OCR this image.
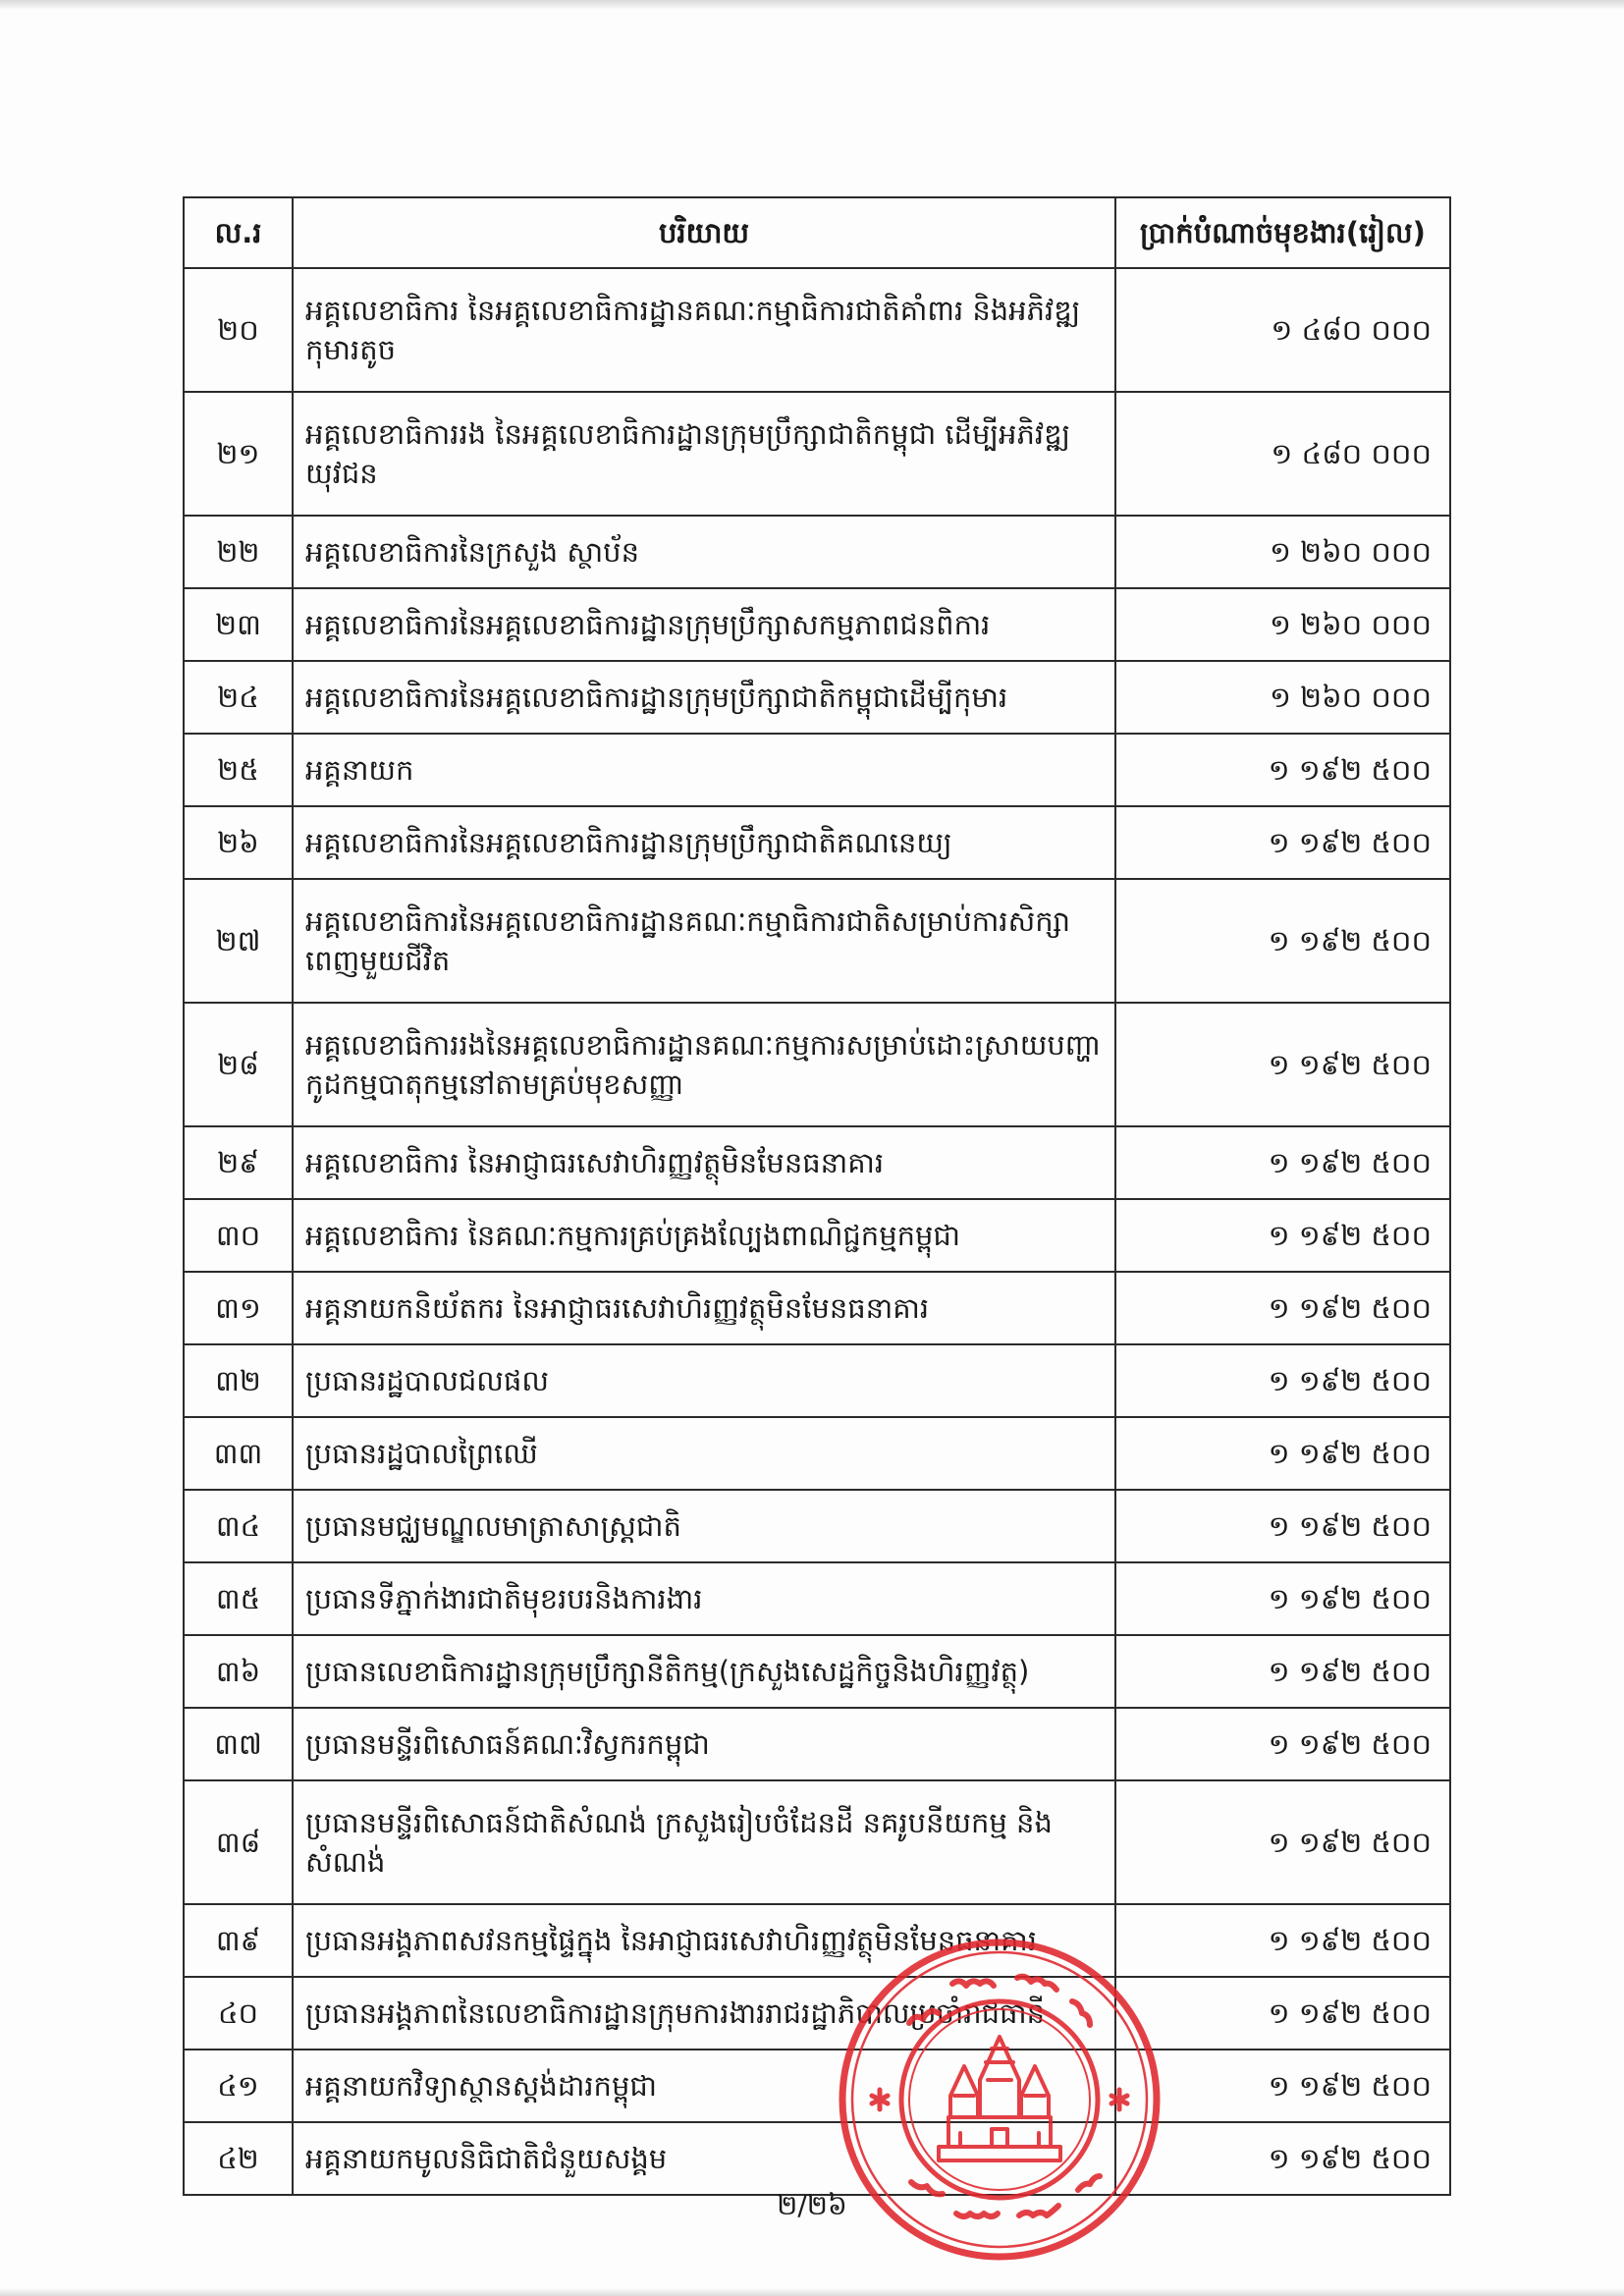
ល.រ	បរិយាយ	ប្រាក់បំណាច់មុខងារ(រៀល)
២០	អគ្គលេខាធិការ នៃអគ្គលេខាធិការដ្ឋានគណៈកម្មាធិការជាតិគាំពារ និងអភិវឌ្ឍកុមារតូច	១ ៤៨០ ០០០
២១	អគ្គលេខាធិការរង នៃអគ្គលេខាធិការដ្ឋានក្រុមប្រឹក្សាជាតិកម្ពុជា ដើម្បីអភិវឌ្ឍយុវជន	១ ៤៨០ ០០០
២២	អគ្គលេខាធិការនៃក្រសួង ស្ថាប័ន	១ ២៦០ ០០០
២៣	អគ្គលេខាធិការនៃអគ្គលេខាធិការដ្ឋានក្រុមប្រឹក្សាសកម្មភាពជនពិការ	១ ២៦០ ០០០
២៤	អគ្គលេខាធិការនៃអគ្គលេខាធិការដ្ឋានក្រុមប្រឹក្សាជាតិកម្ពុជាដើម្បីកុមារ	១ ២៦០ ០០០
២៥	អគ្គនាយក	១ ១៩២ ៥០០
២៦	អគ្គលេខាធិការនៃអគ្គលេខាធិការដ្ឋានក្រុមប្រឹក្សាជាតិគណនេយ្យ	១ ១៩២ ៥០០
២៧	អគ្គលេខាធិការនៃអគ្គលេខាធិការដ្ឋានគណៈកម្មាធិការជាតិសម្រាប់ការសិក្សាពេញមួយជីវិត	១ ១៩២ ៥០០
២៨	អគ្គលេខាធិការរងនៃអគ្គលេខាធិការដ្ឋានគណៈកម្មការសម្រាប់ដោះស្រាយបញ្ហាកូដកម្មបាតុកម្មនៅតាមគ្រប់មុខសញ្ញា	១ ១៩២ ៥០០
២៩	អគ្គលេខាធិការ នៃអាជ្ញាធរសេវាហិរញ្ញវត្ថុមិនមែនធនាគារ	១ ១៩២ ៥០០
៣០	អគ្គលេខាធិការ នៃគណៈកម្មការគ្រប់គ្រងល្បែងពាណិជ្ជកម្មកម្ពុជា	១ ១៩២ ៥០០
៣១	អគ្គនាយកនិយ័តករ នៃអាជ្ញាធរសេវាហិរញ្ញវត្ថុមិនមែនធនាគារ	១ ១៩២ ៥០០
៣២	ប្រធានរដ្ឋបាលជលផល	១ ១៩២ ៥០០
៣៣	ប្រធានរដ្ឋបាលព្រៃឈើ	១ ១៩២ ៥០០
៣៤	ប្រធានមជ្ឈមណ្ឌលមាត្រាសាស្ត្រជាតិ	១ ១៩២ ៥០០
៣៥	ប្រធានទីភ្នាក់ងារជាតិមុខរបរនិងការងារ	១ ១៩២ ៥០០
៣៦	ប្រធានលេខាធិការដ្ឋានក្រុមប្រឹក្សានីតិកម្ម(ក្រសួងសេដ្ឋកិច្ចនិងហិរញ្ញវត្ថុ)	១ ១៩២ ៥០០
៣៧	ប្រធានមន្ទីរពិសោធន៍គណៈវិស្វករកម្ពុជា	១ ១៩២ ៥០០
៣៨	ប្រធានមន្ទីរពិសោធន៍ជាតិសំណង់ ក្រសួងរៀបចំដែនដី នគរូបនីយកម្ម និងសំណង់	១ ១៩២ ៥០០
៣៩	ប្រធានអង្គភាពសវនកម្មផ្ទៃក្នុង នៃអាជ្ញាធរសេវាហិរញ្ញវត្ថុមិនមែនធនាគារ	១ ១៩២ ៥០០
៤០	ប្រធានអង្គភាពនៃលេខាធិការដ្ឋានក្រុមការងាររាជរដ្ឋាភិបាលប្រចាំរាជធានី	១ ១៩២ ៥០០
៤១	អគ្គនាយកវិទ្យាស្ថានស្តង់ដារកម្ពុជា	១ ១៩២ ៥០០
៤២	អគ្គនាយកមូលនិធិជាតិជំនួយសង្គម	១ ១៩២ ៥០០
២/២៦
